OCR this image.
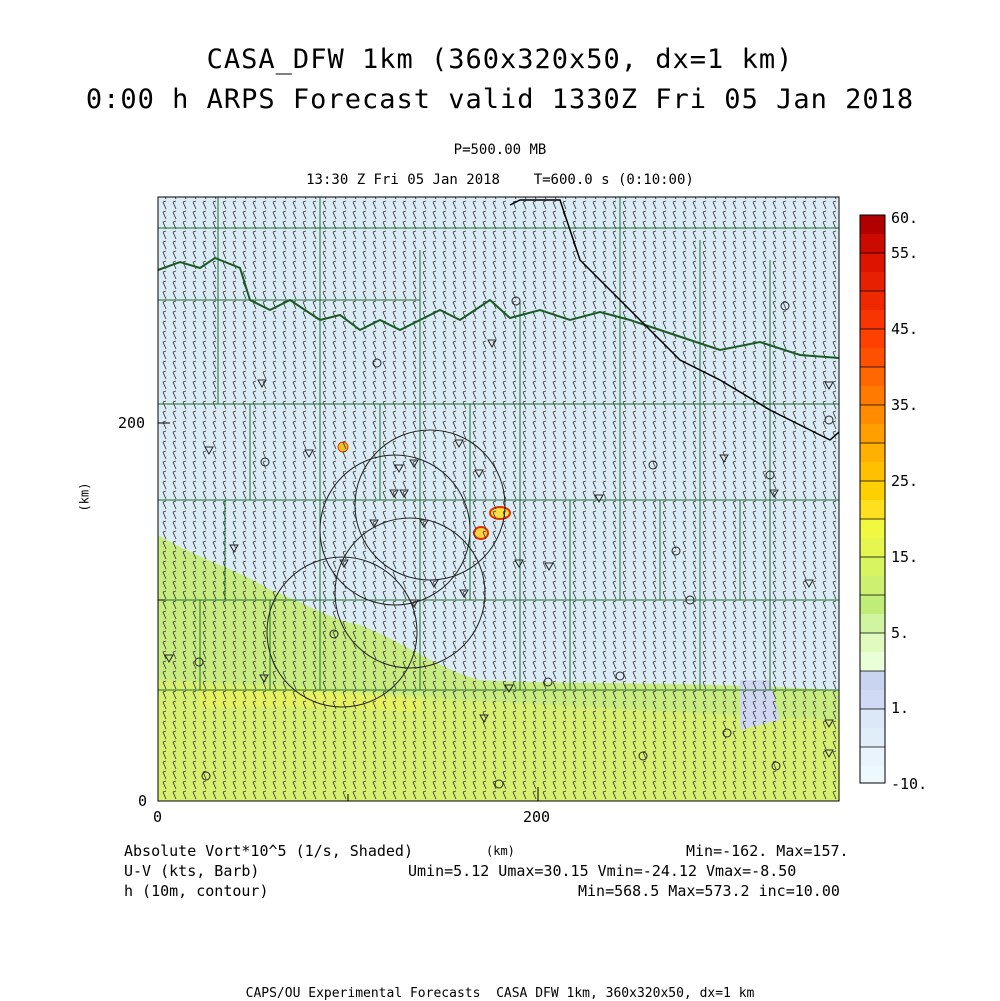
CASA_DFW 1km (360x320x50, dx=1 km)
0:00 h ARPS Forecast valid 1330Z Fri 05 Jan 2018
P=500.00 MB
13:30 Z Fri 05 Jan 2018    T=600.0 s (0:10:00)
200
0
0	200
(km)
(km)
60.
55.
45.
35.
25.
15.
5.
1.
-10.
Absolute Vort*10^5 (1/s, Shaded)	Min=-162. Max=157.
U-V (kts, Barb)	Umin=5.12 Umax=30.15 Vmin=-24.12 Vmax=-8.50
h (10m, contour)	Min=568.5 Max=573.2 inc=10.00
CAPS/OU Experimental Forecasts  CASA DFW 1km, 360x320x50, dx=1 km
